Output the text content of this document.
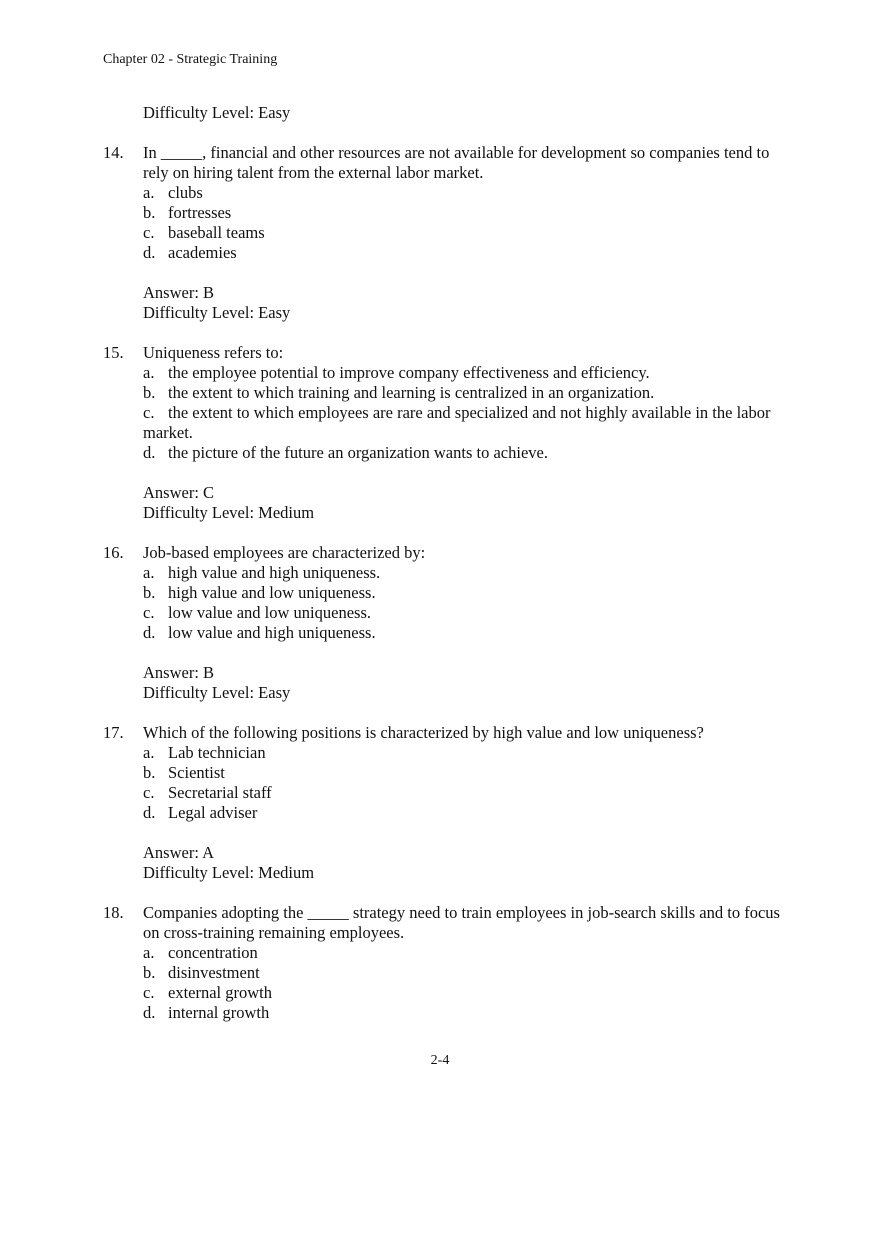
Chapter 02 - Strategic Training
Difficulty Level: Easy
14.	In _____, financial and other resources are not available for development so companies tend to rely on hiring talent from the external labor market.
a. clubs
b. fortresses
c. baseball teams
d. academies
Answer: B
Difficulty Level: Easy
15.	Uniqueness refers to:
a. the employee potential to improve company effectiveness and efficiency.
b. the extent to which training and learning is centralized in an organization.
c. the extent to which employees are rare and specialized and not highly available in the labor market.
d. the picture of the future an organization wants to achieve.
Answer: C
Difficulty Level: Medium
16.	Job-based employees are characterized by:
a. high value and high uniqueness.
b. high value and low uniqueness.
c. low value and low uniqueness.
d. low value and high uniqueness.
Answer: B
Difficulty Level: Easy
17.	Which of the following positions is characterized by high value and low uniqueness?
a. Lab technician
b. Scientist
c. Secretarial staff
d. Legal adviser
Answer: A
Difficulty Level: Medium
18.	Companies adopting the _____ strategy need to train employees in job-search skills and to focus on cross-training remaining employees.
a. concentration
b. disinvestment
c. external growth
d. internal growth
2-4
